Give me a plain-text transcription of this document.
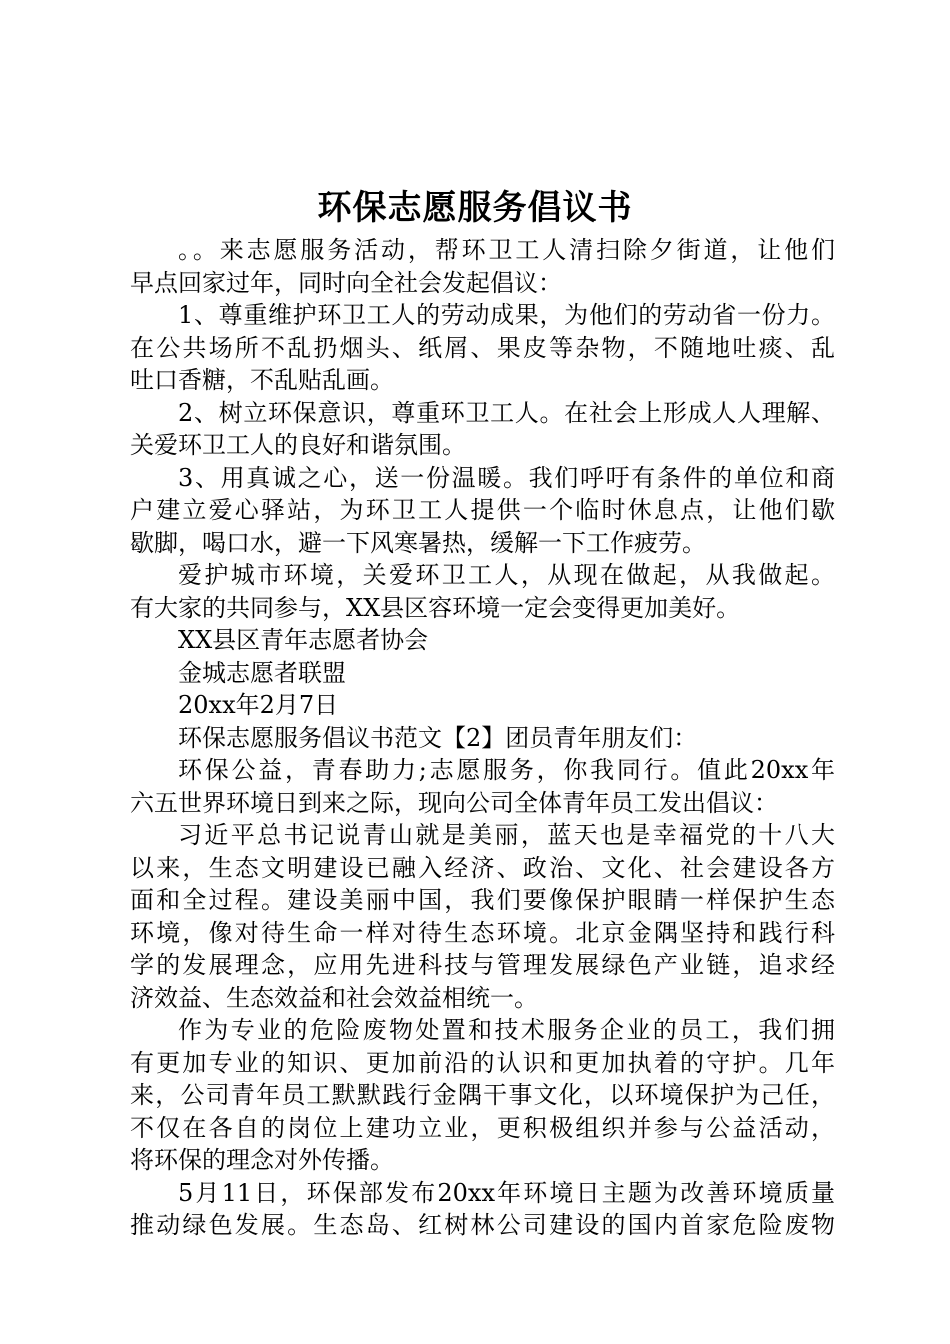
环保志愿服务倡议书
。。来志愿服务活动，帮环卫工人清扫除夕街道，让他们
早点回家过年，同时向全社会发起倡议：
1、尊重维护环卫工人的劳动成果，为他们的劳动省一份力。
在公共场所不乱扔烟头、纸屑、果皮等杂物，不随地吐痰、乱
吐口香糖，不乱贴乱画。
2、树立环保意识，尊重环卫工人。在社会上形成人人理解、
关爱环卫工人的良好和谐氛围。
3、用真诚之心，送一份温暖。我们呼吁有条件的单位和商
户建立爱心驿站，为环卫工人提供一个临时休息点，让他们歇
歇脚，喝口水，避一下风寒暑热，缓解一下工作疲劳。
爱护城市环境，关爱环卫工人，从现在做起，从我做起。
有大家的共同参与，XX县区容环境一定会变得更加美好。
XX县区青年志愿者协会
金城志愿者联盟
20xx年2月7日
环保志愿服务倡议书范文【2】团员青年朋友们：
环保公益，青春助力;志愿服务，你我同行。值此20xx年
六五世界环境日到来之际，现向公司全体青年员工发出倡议：
习近平总书记说青山就是美丽，蓝天也是幸福党的十八大
以来，生态文明建设已融入经济、政治、文化、社会建设各方
面和全过程。建设美丽中国，我们要像保护眼睛一样保护生态
环境，像对待生命一样对待生态环境。北京金隅坚持和践行科
学的发展理念，应用先进科技与管理发展绿色产业链，追求经
济效益、生态效益和社会效益相统一。
作为专业的危险废物处置和技术服务企业的员工，我们拥
有更加专业的知识、更加前沿的认识和更加执着的守护。几年
来，公司青年员工默默践行金隅干事文化，以环境保护为己任，
不仅在各自的岗位上建功立业，更积极组织并参与公益活动，
将环保的理念对外传播。
5月11日，环保部发布20xx年环境日主题为改善环境质量
推动绿色发展。生态岛、红树林公司建设的国内首家危险废物
